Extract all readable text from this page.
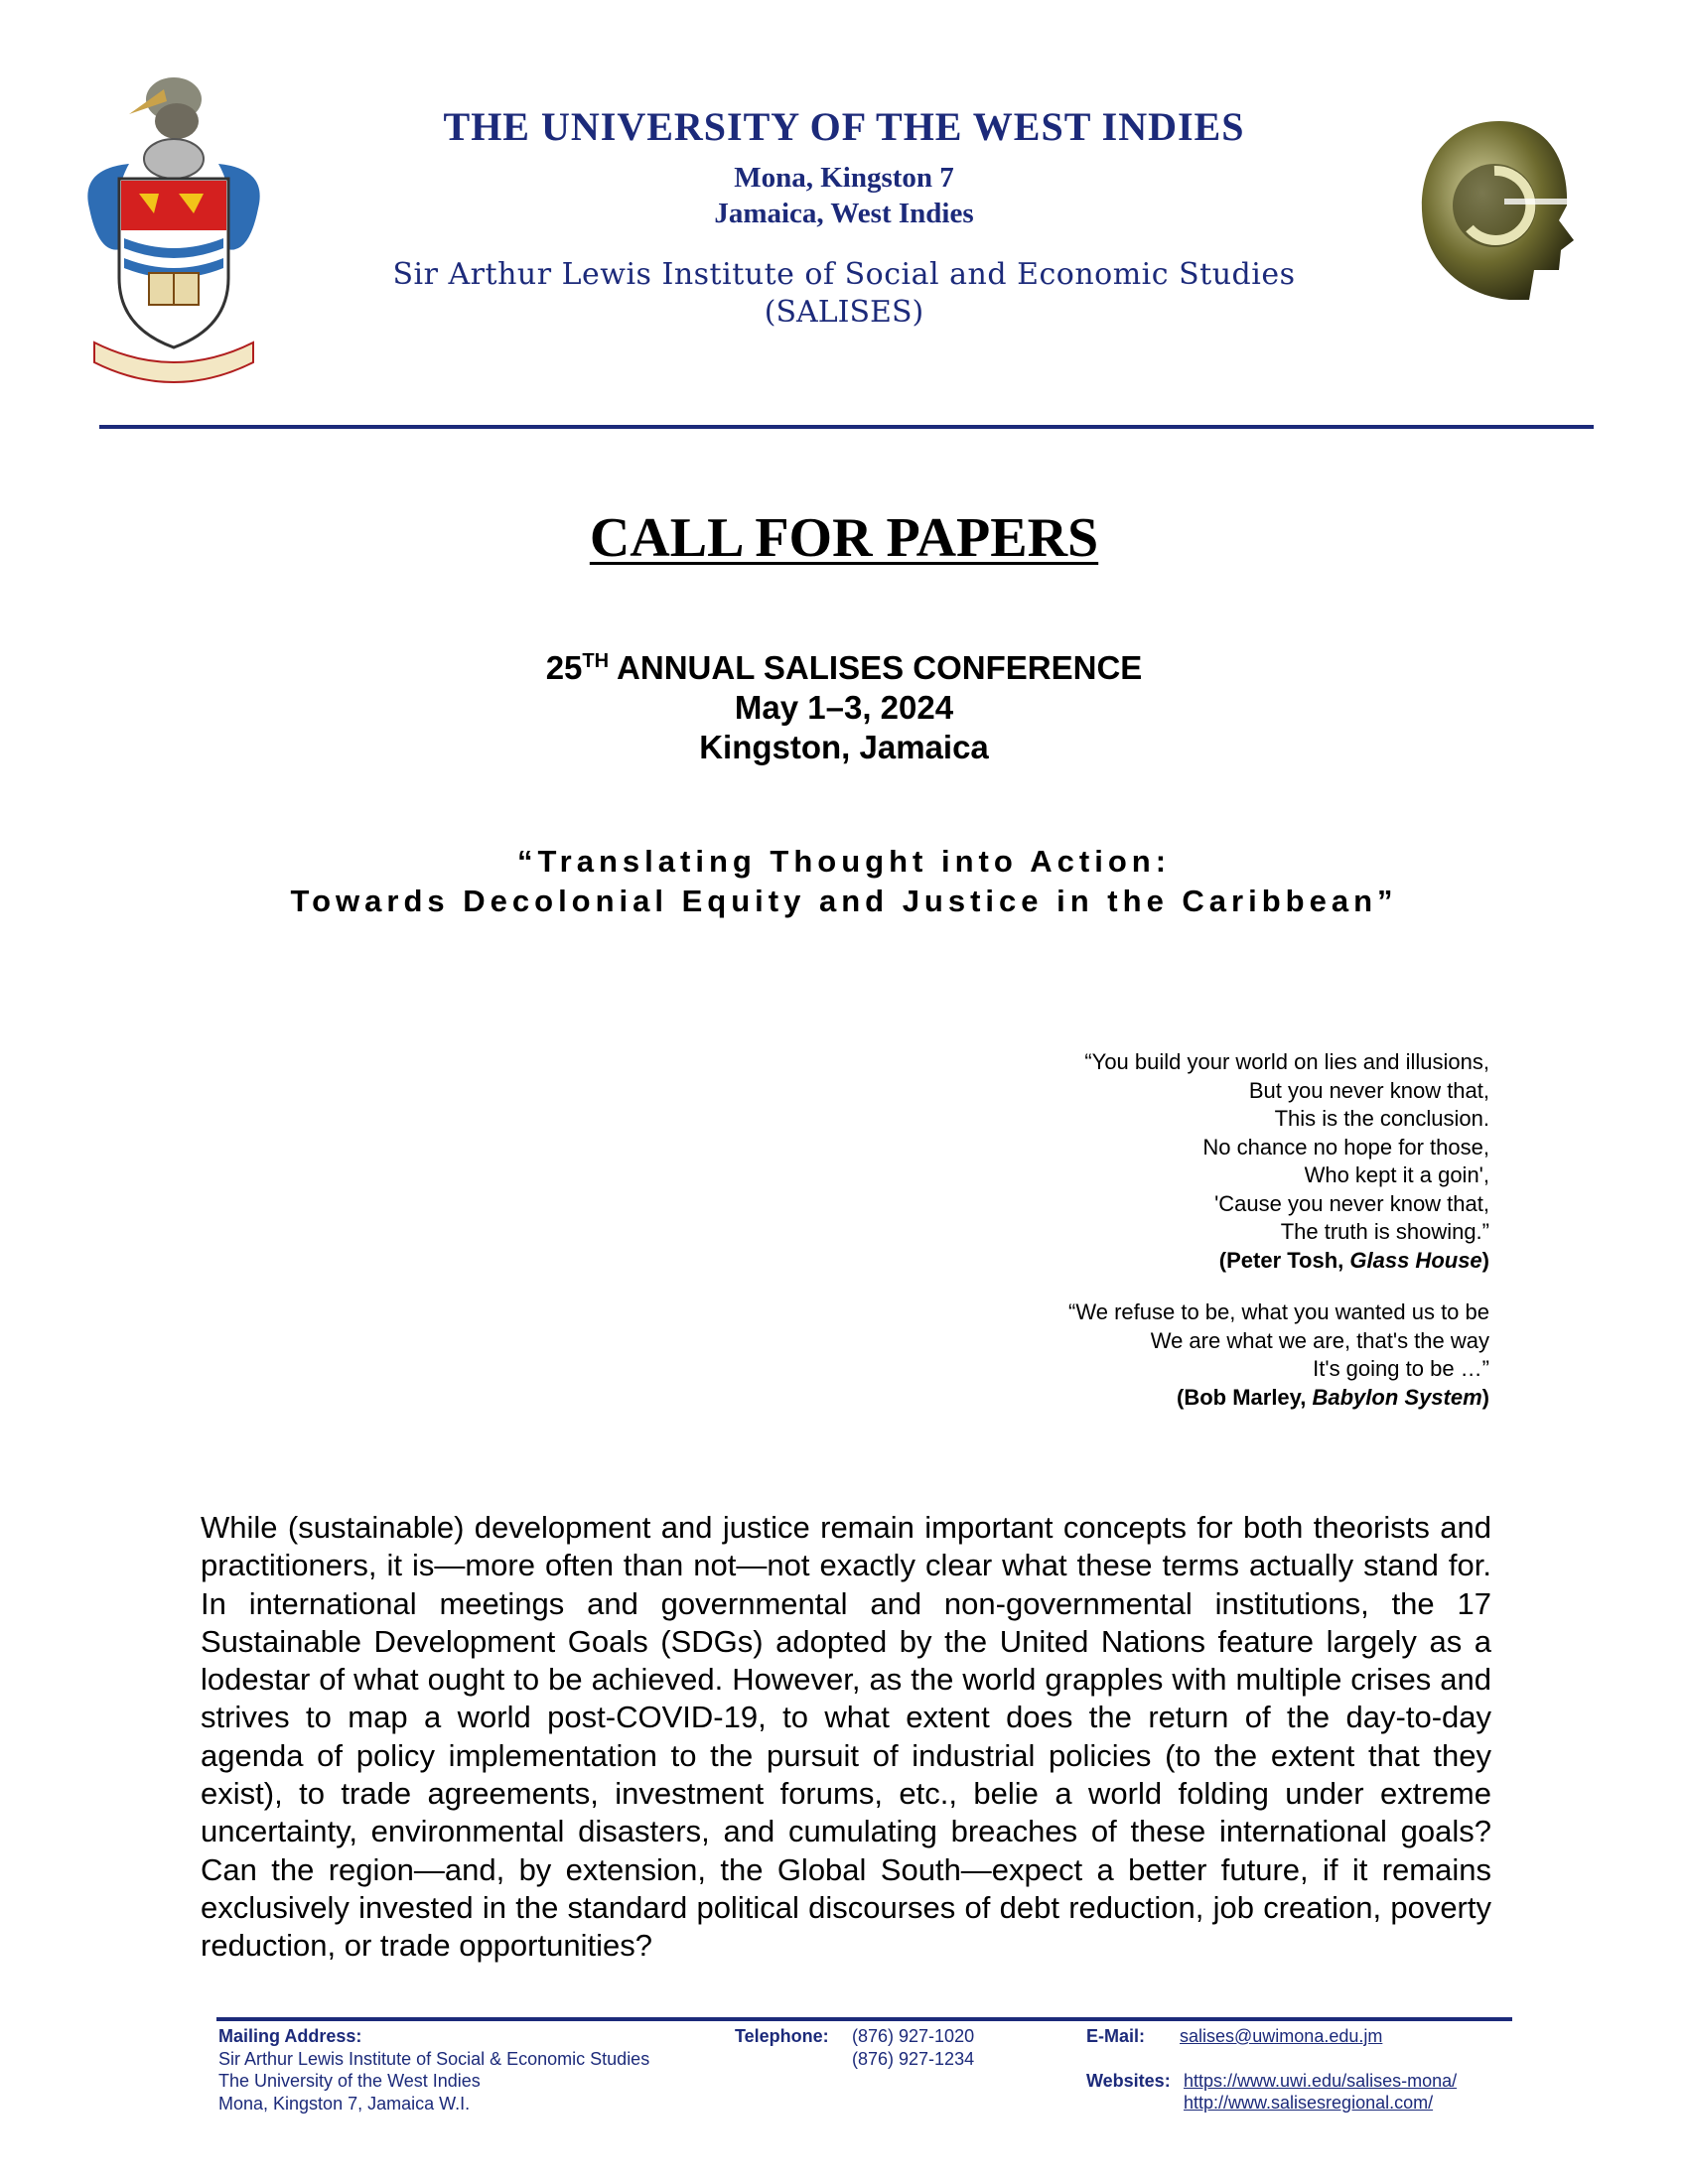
THE UNIVERSITY OF THE WEST INDIES
Mona, Kingston 7
Jamaica, West Indies
Sir Arthur Lewis Institute of Social and Economic Studies
(SALISES)
CALL FOR PAPERS
25TH ANNUAL SALISES CONFERENCE
May 1–3, 2024
Kingston, Jamaica
“Translating Thought into Action:
Towards Decolonial Equity and Justice in the Caribbean”
“You build your world on lies and illusions,
But you never know that,
This is the conclusion.
No chance no hope for those,
Who kept it a goin',
'Cause you never know that,
The truth is showing.”
(Peter Tosh, Glass House)
“We refuse to be, what you wanted us to be
We are what we are, that's the way
It's going to be …”
(Bob Marley, Babylon System)
While (sustainable) development and justice remain important concepts for both theorists and practitioners, it is—more often than not—not exactly clear what these terms actually stand for. In international meetings and governmental and non-governmental institutions, the 17 Sustainable Development Goals (SDGs) adopted by the United Nations feature largely as a lodestar of what ought to be achieved. However, as the world grapples with multiple crises and strives to map a world post-COVID-19, to what extent does the return of the day-to-day agenda of policy implementation to the pursuit of industrial policies (to the extent that they exist), to trade agreements, investment forums, etc., belie a world folding under extreme uncertainty, environmental disasters, and cumulating breaches of these international goals? Can the region—and, by extension, the Global South—expect a better future, if it remains exclusively invested in the standard political discourses of debt reduction, job creation, poverty reduction, or trade opportunities?
Mailing Address:
Sir Arthur Lewis Institute of Social & Economic Studies
The University of the West Indies
Mona, Kingston 7, Jamaica W.I.
Telephone: (876) 927-1020
(876) 927-1234
E-Mail: salises@uwimona.edu.jm
Websites: https://www.uwi.edu/salises-mona/
http://www.salisesregional.com/
